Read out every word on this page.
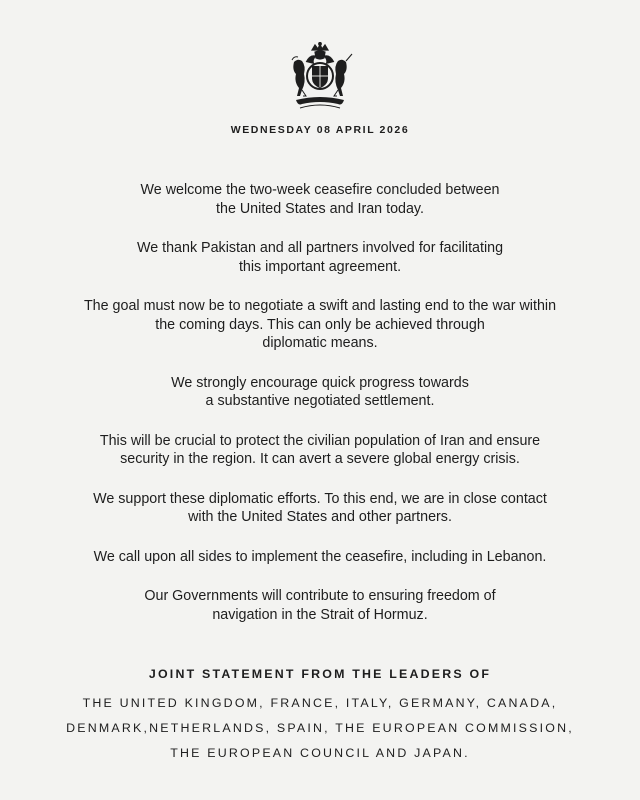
WEDNESDAY 08 APRIL 2026

We welcome the two-week ceasefire concluded between
the United States and Iran today.

We thank Pakistan and all partners involved for facilitating
this important agreement.

The goal must now be to negotiate a swift and lasting end to the war within
the coming days. This can only be achieved through
diplomatic means.

We strongly encourage quick progress towards
a substantive negotiated settlement.

This will be crucial to protect the civilian population of Iran and ensure
security in the region. It can avert a severe global energy crisis.

We support these diplomatic efforts. To this end, we are in close contact
with the United States and other partners.

We call upon all sides to implement the ceasefire, including in Lebanon.

Our Governments will contribute to ensuring freedom of
navigation in the Strait of Hormuz.

JOINT STATEMENT FROM THE LEADERS OF
THE UNITED KINGDOM, FRANCE, ITALY, GERMANY, CANADA,
DENMARK,NETHERLANDS, SPAIN, THE EUROPEAN COMMISSION,
THE EUROPEAN COUNCIL AND JAPAN.
